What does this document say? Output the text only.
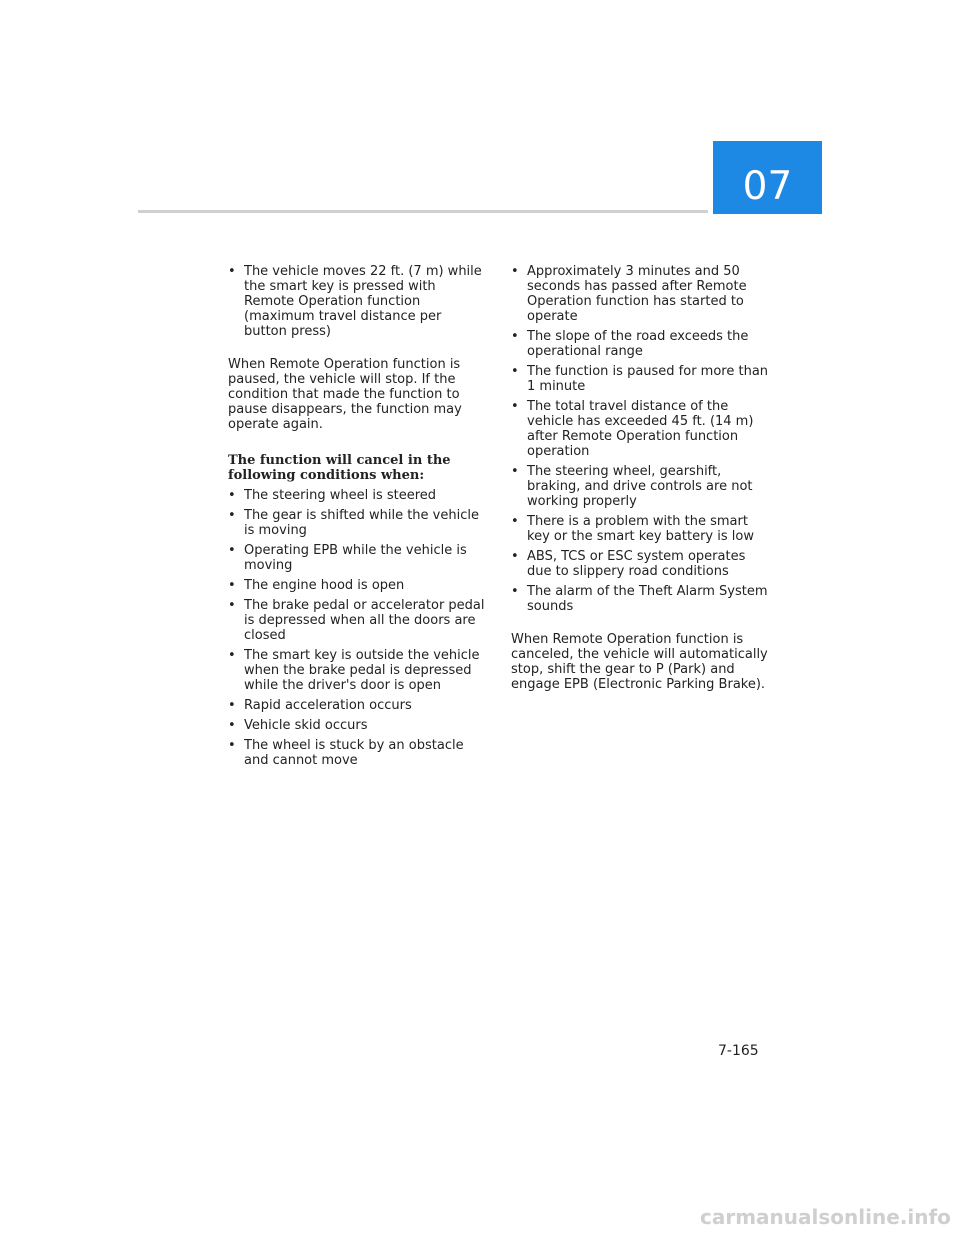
07
• The vehicle moves 22 ft. (7 m) while the smart key is pressed with Remote Operation function (maximum travel distance per button press)

When Remote Operation function is paused, the vehicle will stop. If the condition that made the function to pause disappears, the function may operate again.

The function will cancel in the following conditions when:
• The steering wheel is steered
• The gear is shifted while the vehicle is moving
• Operating EPB while the vehicle is moving
• The engine hood is open
• The brake pedal or accelerator pedal is depressed when all the doors are closed
• The smart key is outside the vehicle when the brake pedal is depressed while the driver's door is open
• Rapid acceleration occurs
• Vehicle skid occurs
• The wheel is stuck by an obstacle and cannot move
• Approximately 3 minutes and 50 seconds has passed after Remote Operation function has started to operate
• The slope of the road exceeds the operational range
• The function is paused for more than 1 minute
• The total travel distance of the vehicle has exceeded 45 ft. (14 m) after Remote Operation function operation
• The steering wheel, gearshift, braking, and drive controls are not working properly
• There is a problem with the smart key or the smart key battery is low
• ABS, TCS or ESC system operates due to slippery road conditions
• The alarm of the Theft Alarm System sounds

When Remote Operation function is canceled, the vehicle will automatically stop, shift the gear to P (Park) and engage EPB (Electronic Parking Brake).

7-165
carmanualsonline.info
